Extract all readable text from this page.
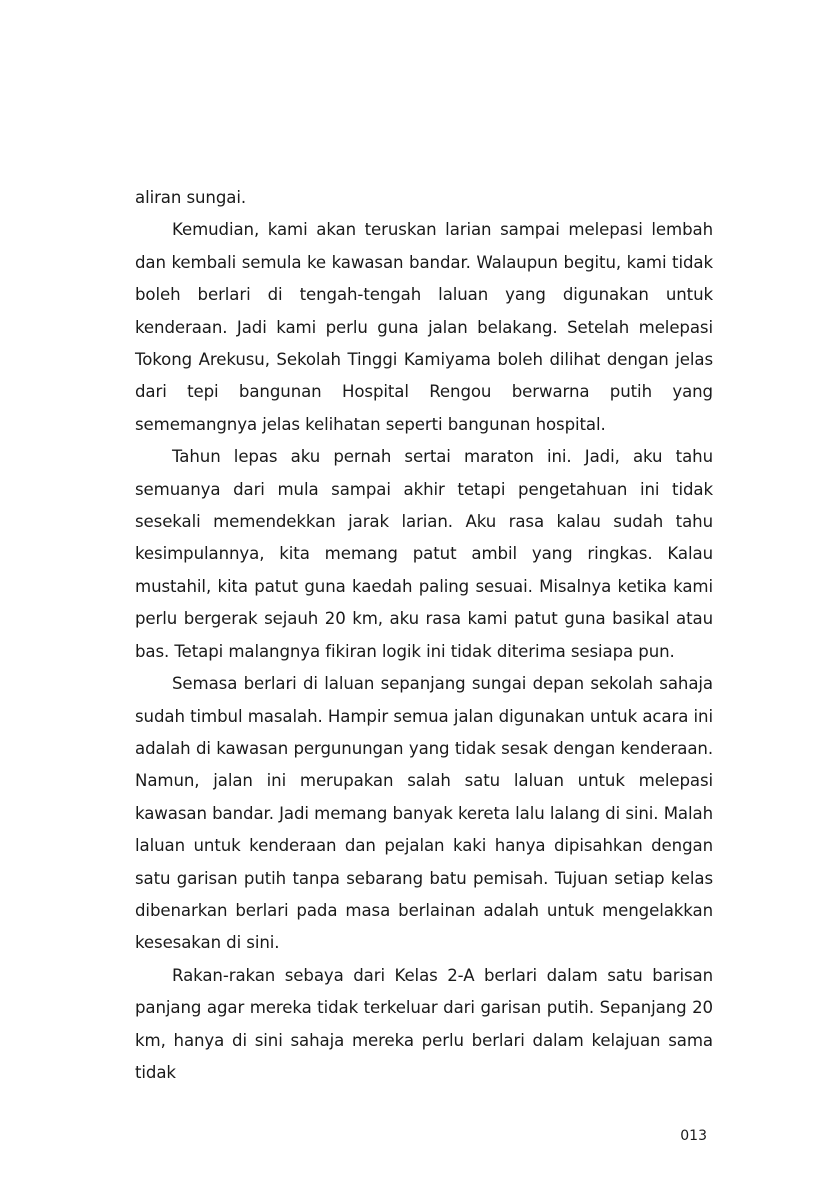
aliran sungai.

Kemudian, kami akan teruskan larian sampai melepasi lembah dan kembali semula ke kawasan bandar. Walaupun begitu, kami tidak boleh berlari di tengah-tengah laluan yang digunakan untuk kenderaan. Jadi kami perlu guna jalan belakang. Setelah melepasi Tokong Arekusu, Sekolah Tinggi Kamiyama boleh dilihat dengan jelas dari tepi bangunan Hospital Rengou berwarna putih yang sememangnya jelas kelihatan seperti bangunan hospital.

Tahun lepas aku pernah sertai maraton ini. Jadi, aku tahu semuanya dari mula sampai akhir tetapi pengetahuan ini tidak sesekali memendekkan jarak larian. Aku rasa kalau sudah tahu kesimpulannya, kita memang patut ambil yang ringkas. Kalau mustahil, kita patut guna kaedah paling sesuai. Misalnya ketika kami perlu bergerak sejauh 20 km, aku rasa kami patut guna basikal atau bas. Tetapi malangnya fikiran logik ini tidak diterima sesiapa pun.

Semasa berlari di laluan sepanjang sungai depan sekolah sahaja sudah timbul masalah. Hampir semua jalan digunakan untuk acara ini adalah di kawasan pergunungan yang tidak sesak dengan kenderaan. Namun, jalan ini merupakan salah satu laluan untuk melepasi kawasan bandar. Jadi memang banyak kereta lalu lalang di sini. Malah laluan untuk kenderaan dan pejalan kaki hanya dipisahkan dengan satu garisan putih tanpa sebarang batu pemisah. Tujuan setiap kelas dibenarkan berlari pada masa berlainan adalah untuk mengelakkan kesesakan di sini.

Rakan-rakan sebaya dari Kelas 2-A berlari dalam satu barisan panjang agar mereka tidak terkeluar dari garisan putih. Sepanjang 20 km, hanya di sini sahaja mereka perlu berlari dalam kelajuan sama tidak

013
